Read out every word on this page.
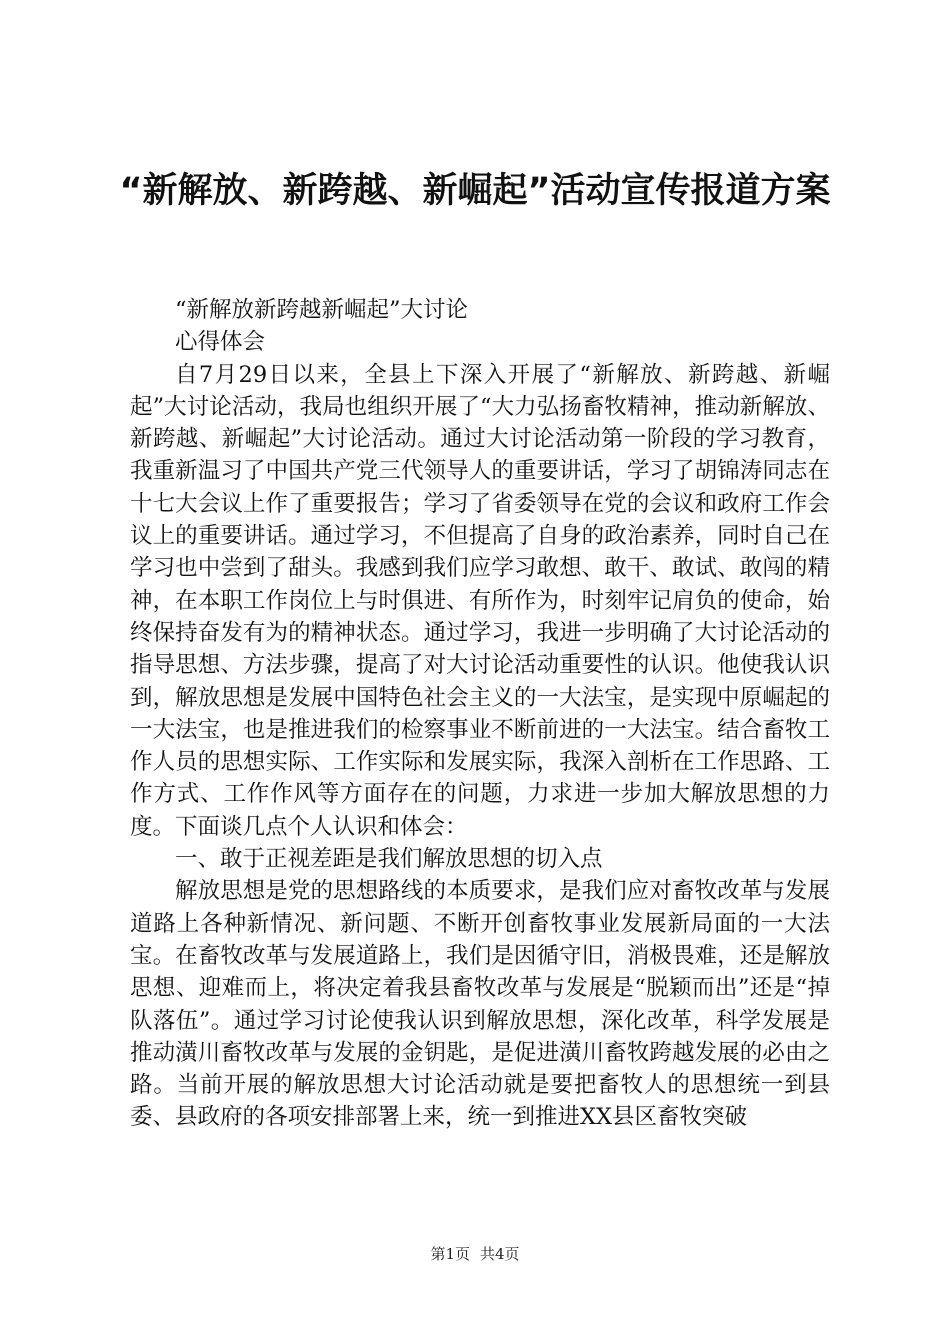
“新解放、新跨越、新崛起”活动宣传报道方案

“新解放新跨越新崛起”大讨论

心得体会

自7月29日以来，全县上下深入开展了“新解放、新跨越、新崛起”大讨论活动，我局也组织开展了“大力弘扬畜牧精神，推动新解放、新跨越、新崛起”大讨论活动。通过大讨论活动第一阶段的学习教育，我重新温习了中国共产党三代领导人的重要讲话，学习了胡锦涛同志在十七大会议上作了重要报告；学习了省委领导在党的会议和政府工作会议上的重要讲话。通过学习，不但提高了自身的政治素养，同时自己在学习也中尝到了甜头。我感到我们应学习敢想、敢干、敢试、敢闯的精神，在本职工作岗位上与时俱进、有所作为，时刻牢记肩负的使命，始终保持奋发有为的精神状态。通过学习，我进一步明确了大讨论活动的指导思想、方法步骤，提高了对大讨论活动重要性的认识。他使我认识到，解放思想是发展中国特色社会主义的一大法宝，是实现中原崛起的一大法宝，也是推进我们的检察事业不断前进的一大法宝。结合畜牧工作人员的思想实际、工作实际和发展实际，我深入剖析在工作思路、工作方式、工作作风等方面存在的问题，力求进一步加大解放思想的力度。下面谈几点个人认识和体会：

一、敢于正视差距是我们解放思想的切入点

解放思想是党的思想路线的本质要求，是我们应对畜牧改革与发展道路上各种新情况、新问题、不断开创畜牧事业发展新局面的一大法宝。在畜牧改革与发展道路上，我们是因循守旧，消极畏难，还是解放思想、迎难而上，将决定着我县畜牧改革与发展是“脱颖而出”还是“掉队落伍”。通过学习讨论使我认识到解放思想，深化改革，科学发展是推动潢川畜牧改革与发展的金钥匙，是促进潢川畜牧跨越发展的必由之路。当前开展的解放思想大讨论活动就是要把畜牧人的思想统一到县委、县政府的各项安排部署上来，统一到推进XX县区畜牧突破

第1页 共4页
